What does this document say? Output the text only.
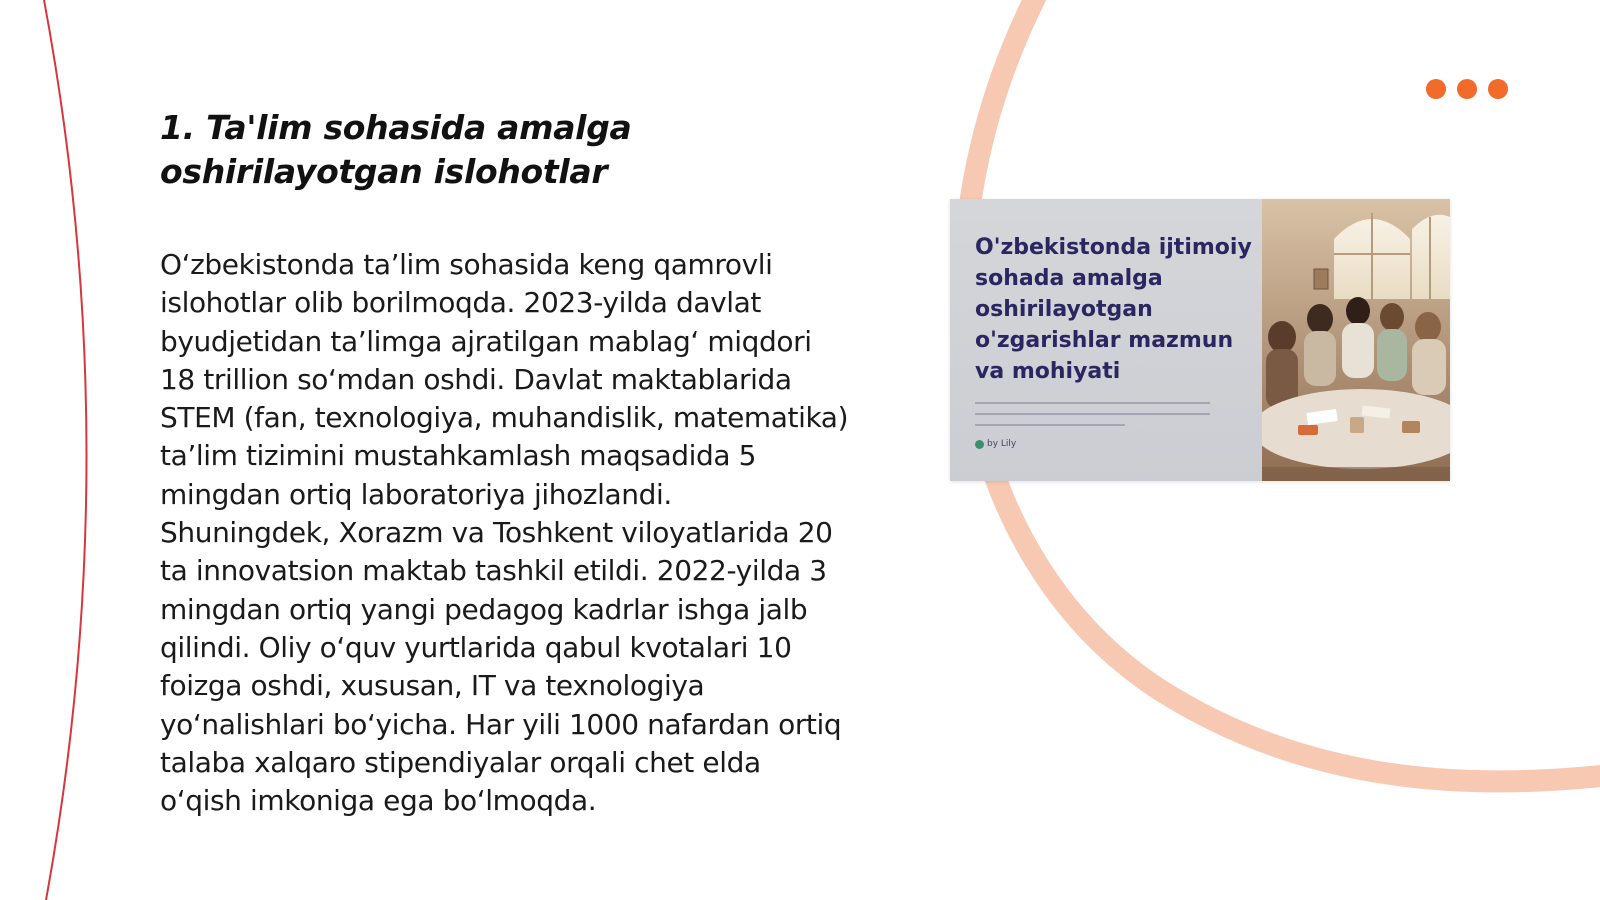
1. Ta'lim sohasida amalga oshirilayotgan islohotlar

O‘zbekistonda ta’lim sohasida keng qamrovli islohotlar olib borilmoqda. 2023-yilda davlat byudjetidan ta’limga ajratilgan mablag‘ miqdori 18 trillion so‘mdan oshdi. Davlat maktablarida STEM (fan, texnologiya, muhandislik, matematika) ta’lim tizimini mustahkamlash maqsadida 5 mingdan ortiq laboratoriya jihozlandi. Shuningdek, Xorazm va Toshkent viloyatlarida 20 ta innovatsion maktab tashkil etildi. 2022-yilda 3 mingdan ortiq yangi pedagog kadrlar ishga jalb qilindi. Oliy o‘quv yurtlarida qabul kvotalari 10 foizga oshdi, xususan, IT va texnologiya yo‘nalishlari bo‘yicha. Har yili 1000 nafardan ortiq talaba xalqaro stipendiyalar orqali chet elda o‘qish imkoniga ega bo‘lmoqda.

O'zbekistonda ijtimoiy sohada amalga oshirilayotgan o'zgarishlar mazmun va mohiyati

by Lily
